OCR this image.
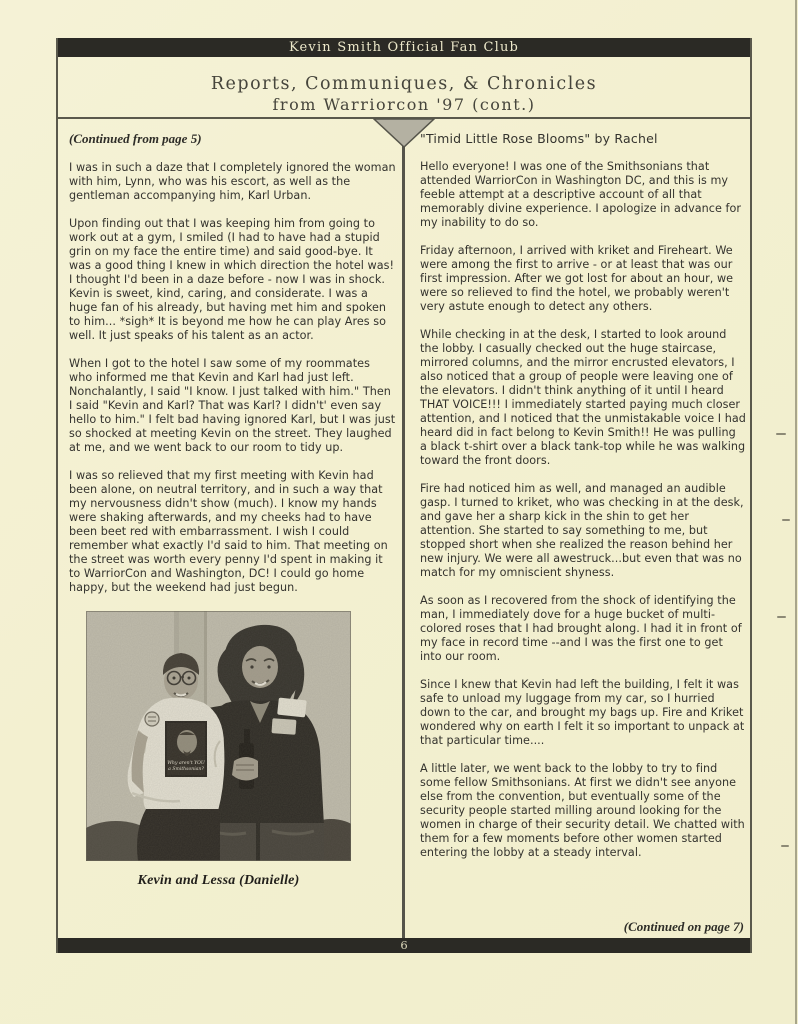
Kevin Smith Official Fan Club
Reports, Communiques, & Chronicles
from Warriorcon '97 (cont.)
(Continued from page 5)

I was in such a daze that I completely ignored the woman with him, Lynn, who was his escort, as well as the gentleman accompanying him, Karl Urban.

Upon finding out that I was keeping him from going to work out at a gym, I smiled (I had to have had a stupid grin on my face the entire time) and said good-bye. It was a good thing I knew in which direction the hotel was! I thought I'd been in a daze before - now I was in shock. Kevin is sweet, kind, caring, and considerate. I was a huge fan of his already, but having met him and spoken to him... *sigh* It is beyond me how he can play Ares so well. It just speaks of his talent as an actor.

When I got to the hotel I saw some of my roommates who informed me that Kevin and Karl had just left. Nonchalantly, I said "I know. I just talked with him." Then I said "Kevin and Karl? That was Karl? I didn't' even say hello to him." I felt bad having ignored Karl, but I was just so shocked at meeting Kevin on the street. They laughed at me, and we went back to our room to tidy up.

I was so relieved that my first meeting with Kevin had been alone, on neutral territory, and in such a way that my nervousness didn't show (much). I know my hands were shaking afterwards, and my cheeks had to have been beet red with embarrassment. I wish I could remember what exactly I'd said to him. That meeting on the street was worth every penny I'd spent in making it to WarriorCon and Washington, DC! I could go home happy, but the weekend had just begun.

Kevin and Lessa (Danielle)

"Timid Little Rose Blooms" by Rachel

Hello everyone! I was one of the Smithsonians that attended WarriorCon in Washington DC, and this is my feeble attempt at a descriptive account of all that memorably divine experience. I apologize in advance for my inability to do so.

Friday afternoon, I arrived with kriket and Fireheart. We were among the first to arrive - or at least that was our first impression. After we got lost for about an hour, we were so relieved to find the hotel, we probably weren't very astute enough to detect any others.

While checking in at the desk, I started to look around the lobby. I casually checked out the huge staircase, mirrored columns, and the mirror encrusted elevators, I also noticed that a group of people were leaving one of the elevators. I didn't think anything of it until I heard THAT VOICE!!! I immediately started paying much closer attention, and I noticed that the unmistakable voice I had heard did in fact belong to Kevin Smith!! He was pulling a black t-shirt over a black tank-top while he was walking toward the front doors.

Fire had noticed him as well, and managed an audible gasp. I turned to kriket, who was checking in at the desk, and gave her a sharp kick in the shin to get her attention. She started to say something to me, but stopped short when she realized the reason behind her new injury. We were all awestruck...but even that was no match for my omniscient shyness.

As soon as I recovered from the shock of identifying the man, I immediately dove for a huge bucket of multi-colored roses that I had brought along. I had it in front of my face in record time --and I was the first one to get into our room.

Since I knew that Kevin had left the building, I felt it was safe to unload my luggage from my car, so I hurried down to the car, and brought my bags up. Fire and Kriket wondered why on earth I felt it so important to unpack at that particular time....

A little later, we went back to the lobby to try to find some fellow Smithsonians. At first we didn't see anyone else from the convention, but eventually some of the security people started milling around looking for the women in charge of their security detail. We chatted with them for a few moments before other women started entering the lobby at a steady interval.

(Continued on page 7)
6
